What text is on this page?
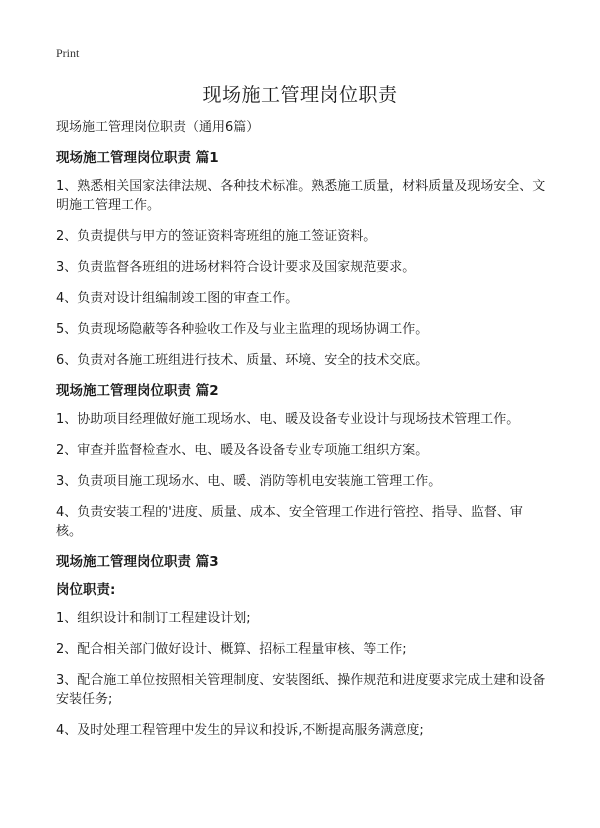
Print
现场施工管理岗位职责

现场施工管理岗位职责（通用6篇）

现场施工管理岗位职责 篇1

1、熟悉相关国家法律法规、各种技术标准。熟悉施工质量，材料质量及现场安全、文明施工管理工作。

2、负责提供与甲方的签证资料寄班组的施工签证资料。

3、负责监督各班组的进场材料符合设计要求及国家规范要求。

4、负责对设计组编制竣工图的审查工作。

5、负责现场隐蔽等各种验收工作及与业主监理的现场协调工作。

6、负责对各施工班组进行技术、质量、环境、安全的技术交底。

现场施工管理岗位职责 篇2

1、协助项目经理做好施工现场水、电、暖及设备专业设计与现场技术管理工作。

2、审查并监督检查水、电、暖及各设备专业专项施工组织方案。

3、负责项目施工现场水、电、暖、消防等机电安装施工管理工作。

4、负责安装工程的'进度、质量、成本、安全管理工作进行管控、指导、监督、审核。

现场施工管理岗位职责 篇3

岗位职责:

1、组织设计和制订工程建设计划;

2、配合相关部门做好设计、概算、招标工程量审核、等工作;

3、配合施工单位按照相关管理制度、安装图纸、操作规范和进度要求完成土建和设备安装任务;

4、及时处理工程管理中发生的异议和投诉,不断提高服务满意度;
